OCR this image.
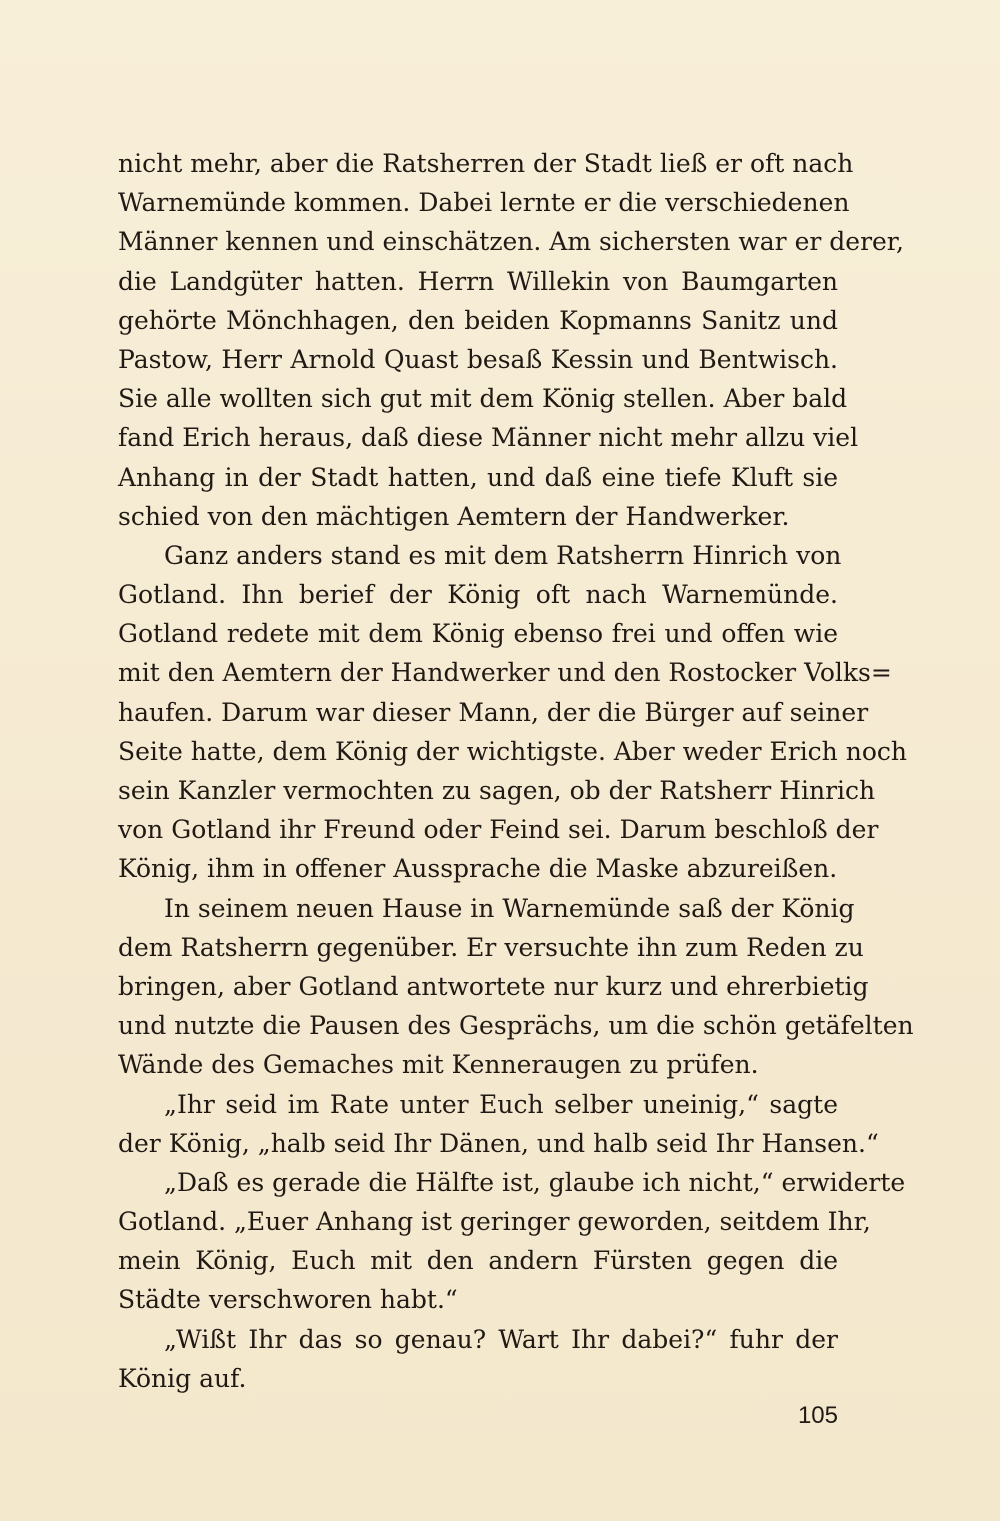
nicht mehr, aber die Ratsherren der Stadt ließ er oft nach
Warnemünde kommen. Dabei lernte er die verschiedenen
Männer kennen und einschätzen. Am sichersten war er derer,
die Landgüter hatten. Herrn Willekin von Baumgarten
gehörte Mönchhagen, den beiden Kopmanns Sanitz und
Pastow, Herr Arnold Quast besaß Kessin und Bentwisch.
Sie alle wollten sich gut mit dem König stellen. Aber bald
fand Erich heraus, daß diese Männer nicht mehr allzu viel
Anhang in der Stadt hatten, und daß eine tiefe Kluft sie
schied von den mächtigen Aemtern der Handwerker.
Ganz anders stand es mit dem Ratsherrn Hinrich von
Gotland. Ihn berief der König oft nach Warnemünde.
Gotland redete mit dem König ebenso frei und offen wie
mit den Aemtern der Handwerker und den Rostocker Volks=
haufen. Darum war dieser Mann, der die Bürger auf seiner
Seite hatte, dem König der wichtigste. Aber weder Erich noch
sein Kanzler vermochten zu sagen, ob der Ratsherr Hinrich
von Gotland ihr Freund oder Feind sei. Darum beschloß der
König, ihm in offener Aussprache die Maske abzureißen.
In seinem neuen Hause in Warnemünde saß der König
dem Ratsherrn gegenüber. Er versuchte ihn zum Reden zu
bringen, aber Gotland antwortete nur kurz und ehrerbietig
und nutzte die Pausen des Gesprächs, um die schön getäfelten
Wände des Gemaches mit Kenneraugen zu prüfen.
„Ihr seid im Rate unter Euch selber uneinig,“ sagte
der König, „halb seid Ihr Dänen, und halb seid Ihr Hansen.“
„Daß es gerade die Hälfte ist, glaube ich nicht,“ erwiderte
Gotland. „Euer Anhang ist geringer geworden, seitdem Ihr,
mein König, Euch mit den andern Fürsten gegen die
Städte verschworen habt.“
„Wißt Ihr das so genau? Wart Ihr dabei?“ fuhr der
König auf.
105
